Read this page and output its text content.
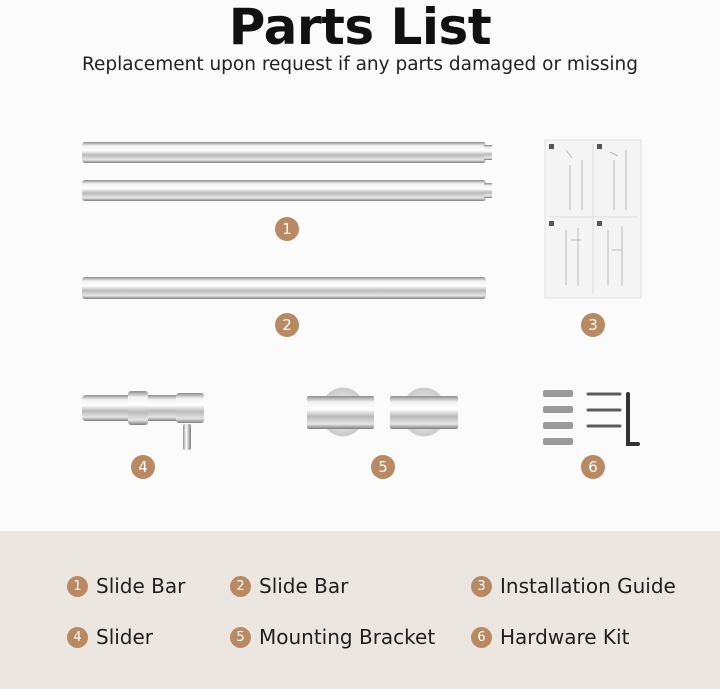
Parts List
Replacement upon request if any parts damaged or missing
1
2	3
4	5	6
1 Slide Bar	2 Slide Bar	3 Installation Guide
4 Slider	5 Mounting Bracket	6 Hardware Kit
